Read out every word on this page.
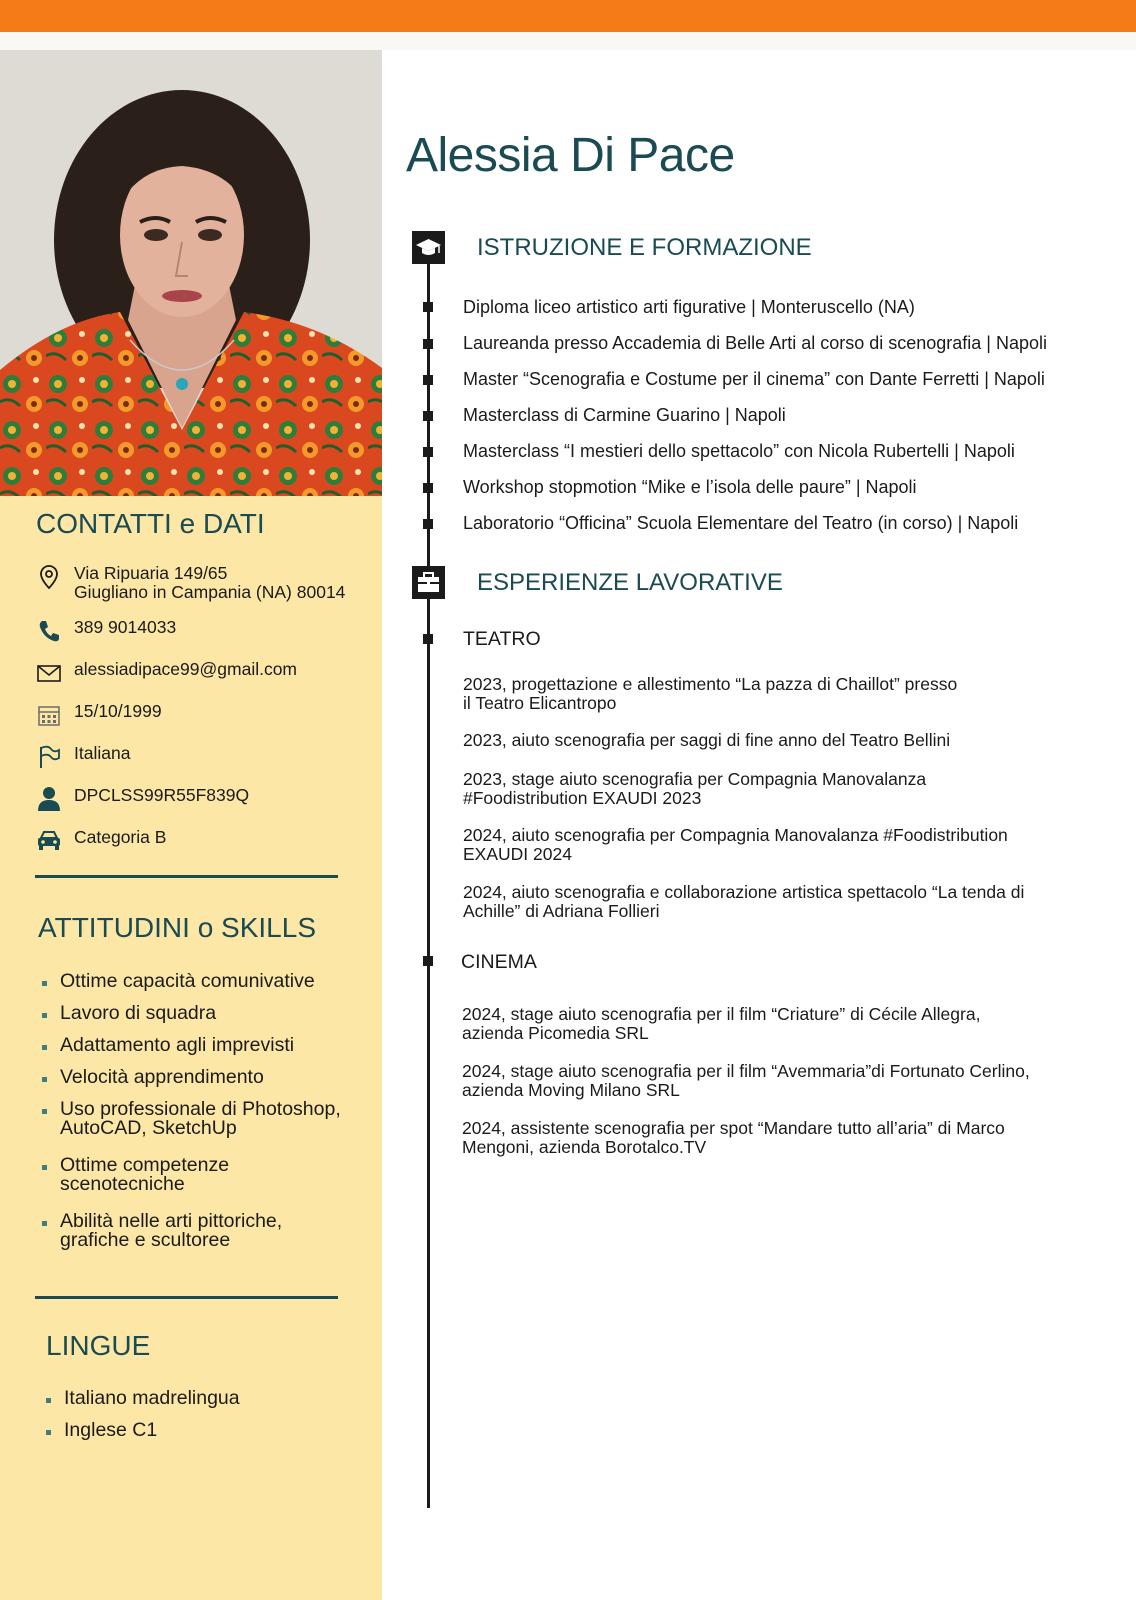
CONTATTI e DATI
Via Ripuaria 149/65
Giugliano in Campania (NA) 80014
389 9014033
alessiadipace99@gmail.com
15/10/1999
Italiana
DPCLSS99R55F839Q
Categoria B
ATTITUDINI o SKILLS
Ottime capacità comunivative
Lavoro di squadra
Adattamento agli imprevisti
Velocità apprendimento
Uso professionale di Photoshop,
AutoCAD, SketchUp
Ottime competenze
scenotecniche
Abilità nelle arti pittoriche,
grafiche e scultoree
LINGUE
Italiano madrelingua
Inglese C1
Alessia Di Pace
ISTRUZIONE E FORMAZIONE
Diploma liceo artistico arti figurative | Monteruscello (NA)
Laureanda presso Accademia di Belle Arti al corso di scenografia | Napoli
Master “Scenografia e Costume per il cinema” con Dante Ferretti | Napoli
Masterclass di Carmine Guarino | Napoli
Masterclass “I mestieri dello spettacolo” con Nicola Rubertelli | Napoli
Workshop stopmotion “Mike e l’isola delle paure” | Napoli
Laboratorio “Officina” Scuola Elementare del Teatro (in corso) | Napoli
ESPERIENZE LAVORATIVE
TEATRO
2023, progettazione e allestimento “La pazza di Chaillot” presso
il Teatro Elicantropo
2023, aiuto scenografia per saggi di fine anno del Teatro Bellini
2023, stage aiuto scenografia per Compagnia Manovalanza
#Foodistribution EXAUDI 2023
2024, aiuto scenografia per Compagnia Manovalanza #Foodistribution
EXAUDI 2024
2024, aiuto scenografia e collaborazione artistica spettacolo “La tenda di
Achille” di Adriana Follieri
CINEMA
2024, stage aiuto scenografia per il film “Criature” di Cécile Allegra,
azienda Picomedia SRL
2024, stage aiuto scenografia per il film “Avemmaria”di Fortunato Cerlino,
azienda Moving Milano SRL
2024, assistente scenografia per spot “Mandare tutto all’aria” di Marco
Mengoni, azienda Borotalco.TV
